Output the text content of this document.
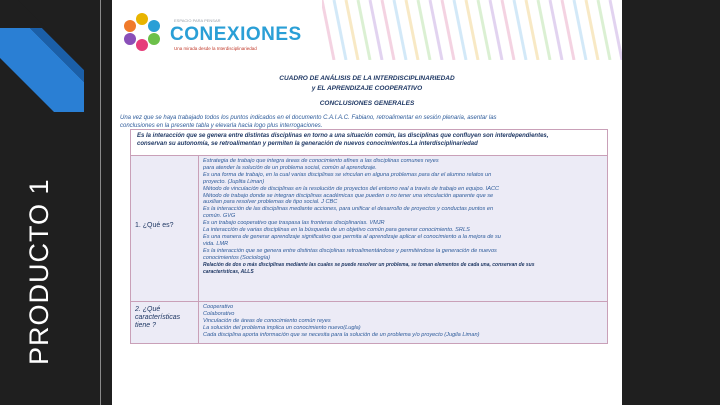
PRODUCTO 1
ESPACIO PARA PENSAR
CONEXIONES
Una mirada desde la Interdisciplinariedad
CUADRO DE ANÁLISIS DE LA INTERDISCIPLINARIEDAD
y EL APRENDIZAJE COOPERATIVO
CONCLUSIONES GENERALES
Una vez que se haya trabajado todos los puntos indicados en el documento C.A.I.A.C. Fabiano, retroalimentar en sesión plenaria, asentar las
conclusiones en la presente tabla y elevarla hacia logo plus interrogaciones.
Es la interacción que se genera entre distintas disciplinas en torno a una situación común, las disciplinas que confluyen son interdependientes,
conservan su autonomía, se retroalimentan y permiten la generación de nuevos conocimientos.La interdisciplinariedad
1. ¿Qué es?
Estrategia de trabajo que integra áreas de conocimiento afines a las disciplinas comunes reyes
para atender la solución de un problema social, común al aprendizaje.
Es una forma de trabajo, en la cual varias disciplinas se vinculan en alguna problemas para dar el alumno relatos un
proyecto. (Juplita Liman)
Método de vinculación de disciplinas en la resolución de proyectos del entorno real a través de trabajo en equipo. IACC
Método de trabajo donde se integran disciplinas académicas que pueden o no tener una vinculación aparente que se
auxilian para resolver problemas de tipo social. J CBC
Es la interacción de las disciplinas mediante acciones, para unificar el desarrollo de proyectos y conductas puntos en
común. GVG
Es un trabajo cooperativo que traspasa las fronteras disciplinarias. VMJR
La interacción de varias disciplinas en la búsqueda de un objetivo común para generar conocimiento. SRLS
Es una manera de generar aprendizaje significativo que permita al aprendizaje aplicar el conocimiento a la mejora de su
vida. LMR
Es la interacción que se genera entre distintas disciplinas retroalimentándose y permiténdose la generación de nuevos
conocimientos (Sociología)
Relación de dos o más disciplinas mediante las cuales se puede resolver un problema, se toman elementos de cada una, conservan de sus
características, ALLS
2. ¿Qué
características
tiene ?
Cooperativo
Colaborativo
Vinculación de áreas de conocimiento común reyes
La solución del problema implica un conocimiento nuevo(Lugla)
Cada disciplina aporta información que se necesita para la solución de un problema y/o proyecto (Jugila Liman)
